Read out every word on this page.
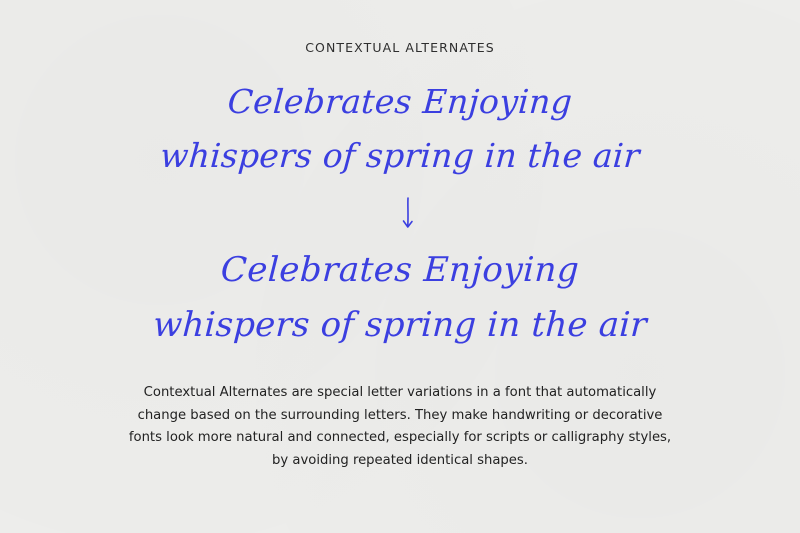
CONTEXTUAL ALTERNATES
Celebrates Enjoying
whispers of spring in the air
Celebrates Enjoying
whispers of spring in the air
Contextual Alternates are special letter variations in a font that automatically change based on the surrounding letters. They make handwriting or decorative fonts look more natural and connected, especially for scripts or calligraphy styles, by avoiding repeated identical shapes.
